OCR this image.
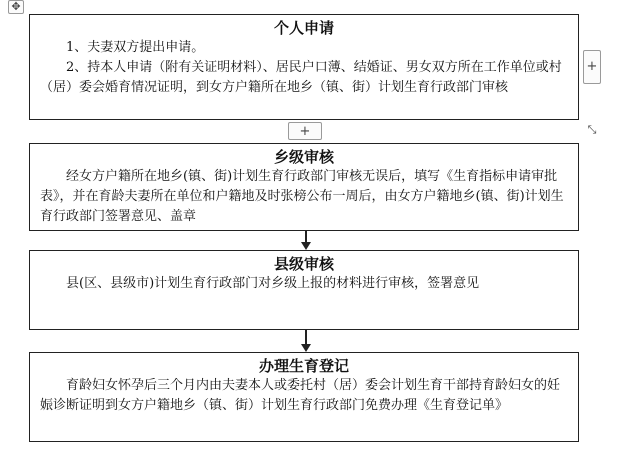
✥
+
+	⤡
个人申请

1、夫妻双方提出申请。

2、持本人申请（附有关证明材料）、居民户口薄、结婚证、男女双方所在工作单位或村（居）委会婚育情况证明，到女方户籍所在地乡（镇、街）计划生育行政部门审核

乡级审核

经女方户籍所在地乡(镇、街)计划生育行政部门审核无误后，填写《生育指标申请审批表》，并在育龄夫妻所在单位和户籍地及时张榜公布一周后，由女方户籍地乡(镇、街)计划生育行政部门签署意见、盖章

县级审核

县(区、县级市)计划生育行政部门对乡级上报的材料进行审核，签署意见

办理生育登记

育龄妇女怀孕后三个月内由夫妻本人或委托村（居）委会计划生育干部持育龄妇女的妊娠诊断证明到女方户籍地乡（镇、街）计划生育行政部门免费办理《生育登记单》
